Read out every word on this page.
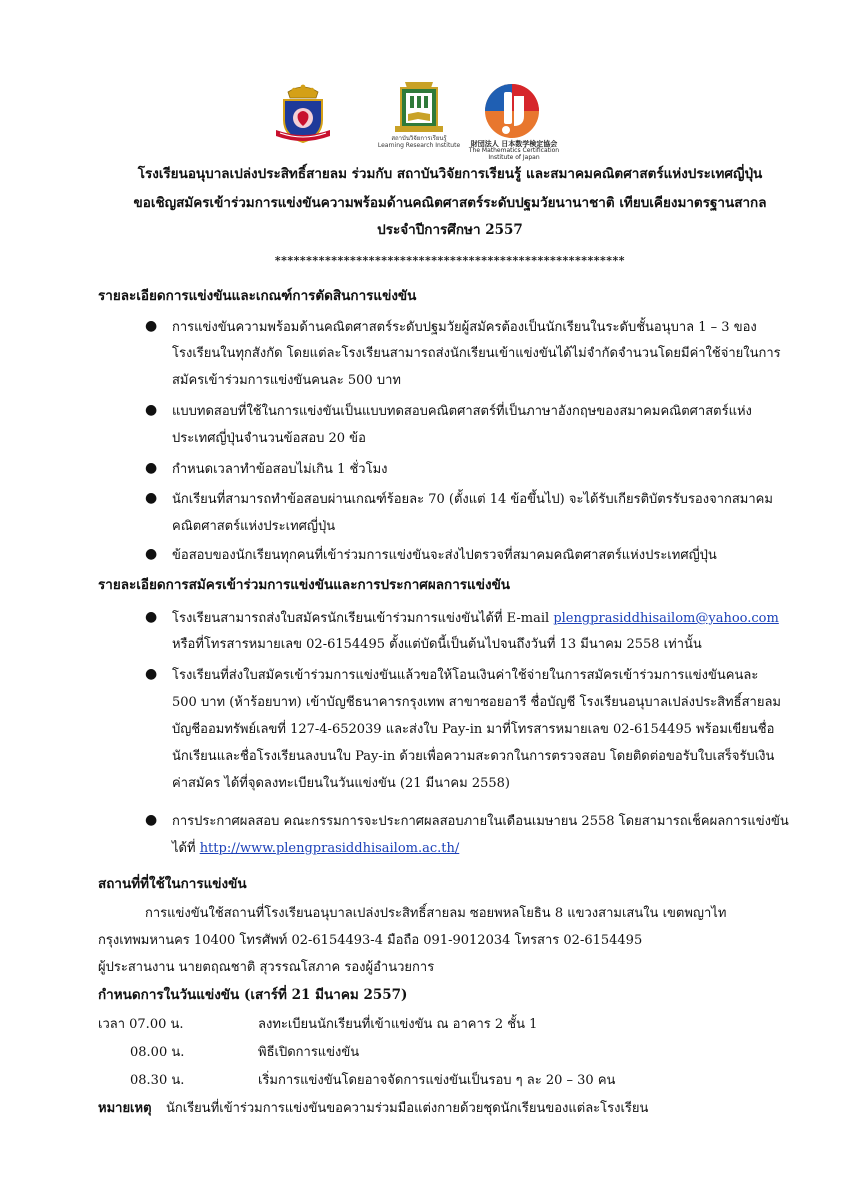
สถาบันวิจัยการเรียนรู้
Learning Research Institute	財団法人 日本数学検定協会
The Mathematics Certification Institute of Japan
โรงเรียนอนุบาลเปล่งประสิทธิ์สายลม ร่วมกับ สถาบันวิจัยการเรียนรู้ และสมาคมคณิตศาสตร์แห่งประเทศญี่ปุ่น
ขอเชิญสมัครเข้าร่วมการแข่งขันความพร้อมด้านคณิตศาสตร์ระดับปฐมวัยนานาชาติ เทียบเคียงมาตรฐานสากล
ประจำปีการศึกษา 2557
********************************************************
รายละเอียดการแข่งขันและเกณฑ์การตัดสินการแข่งขัน
● การแข่งขันความพร้อมด้านคณิตศาสตร์ระดับปฐมวัยผู้สมัครต้องเป็นนักเรียนในระดับชั้นอนุบาล 1 – 3 ของ
โรงเรียนในทุกสังกัด โดยแต่ละโรงเรียนสามารถส่งนักเรียนเข้าแข่งขันได้ไม่จำกัดจำนวนโดยมีค่าใช้จ่ายในการ
สมัครเข้าร่วมการแข่งขันคนละ 500 บาท
● แบบทดสอบที่ใช้ในการแข่งขันเป็นแบบทดสอบคณิตศาสตร์ที่เป็นภาษาอังกฤษของสมาคมคณิตศาสตร์แห่ง
ประเทศญี่ปุ่นจำนวนข้อสอบ 20 ข้อ
● กำหนดเวลาทำข้อสอบไม่เกิน 1 ชั่วโมง
● นักเรียนที่สามารถทำข้อสอบผ่านเกณฑ์ร้อยละ 70 (ตั้งแต่ 14 ข้อขึ้นไป) จะได้รับเกียรติบัตรรับรองจากสมาคม
คณิตศาสตร์แห่งประเทศญี่ปุ่น
● ข้อสอบของนักเรียนทุกคนที่เข้าร่วมการแข่งขันจะส่งไปตรวจที่สมาคมคณิตศาสตร์แห่งประเทศญี่ปุ่น
รายละเอียดการสมัครเข้าร่วมการแข่งขันและการประกาศผลการแข่งขัน
● โรงเรียนสามารถส่งใบสมัครนักเรียนเข้าร่วมการแข่งขันได้ที่ E-mail plengprasiddhisailom@yahoo.com
หรือที่โทรสารหมายเลข 02-6154495 ตั้งแต่บัดนี้เป็นต้นไปจนถึงวันที่ 13 มีนาคม 2558 เท่านั้น
● โรงเรียนที่ส่งใบสมัครเข้าร่วมการแข่งขันแล้วขอให้โอนเงินค่าใช้จ่ายในการสมัครเข้าร่วมการแข่งขันคนละ
500 บาท (ห้าร้อยบาท) เข้าบัญชีธนาคารกรุงเทพ สาขาซอยอารี ชื่อบัญชี โรงเรียนอนุบาลเปล่งประสิทธิ์สายลม
บัญชีออมทรัพย์เลขที่ 127-4-652039 และส่งใบ Pay-in มาที่โทรสารหมายเลข 02-6154495 พร้อมเขียนชื่อ
นักเรียนและชื่อโรงเรียนลงบนใบ Pay-in ด้วยเพื่อความสะดวกในการตรวจสอบ โดยติดต่อขอรับใบเสร็จรับเงิน
ค่าสมัคร ได้ที่จุดลงทะเบียนในวันแข่งขัน (21 มีนาคม 2558)
● การประกาศผลสอบ คณะกรรมการจะประกาศผลสอบภายในเดือนเมษายน 2558 โดยสามารถเช็คผลการแข่งขัน
ได้ที่ http://www.plengprasiddhisailom.ac.th/
สถานที่ที่ใช้ในการแข่งขัน
การแข่งขันใช้สถานที่โรงเรียนอนุบาลเปล่งประสิทธิ์สายลม ซอยพหลโยธิน 8 แขวงสามเสนใน เขตพญาไท
กรุงเทพมหานคร 10400 โทรศัพท์ 02-6154493-4 มือถือ 091-9012034 โทรสาร 02-6154495
ผู้ประสานงาน นายตฤณชาติ สุวรรณโสภาค รองผู้อำนวยการ
กำหนดการในวันแข่งขัน (เสาร์ที่ 21 มีนาคม 2557)
เวลา 07.00 น.	ลงทะเบียนนักเรียนที่เข้าแข่งขัน ณ อาคาร 2 ชั้น 1
08.00 น.	พิธีเปิดการแข่งขัน
08.30 น.	เริ่มการแข่งขันโดยอาจจัดการแข่งขันเป็นรอบ ๆ ละ 20 – 30 คน
หมายเหตุ นักเรียนที่เข้าร่วมการแข่งขันขอความร่วมมือแต่งกายด้วยชุดนักเรียนของแต่ละโรงเรียน
